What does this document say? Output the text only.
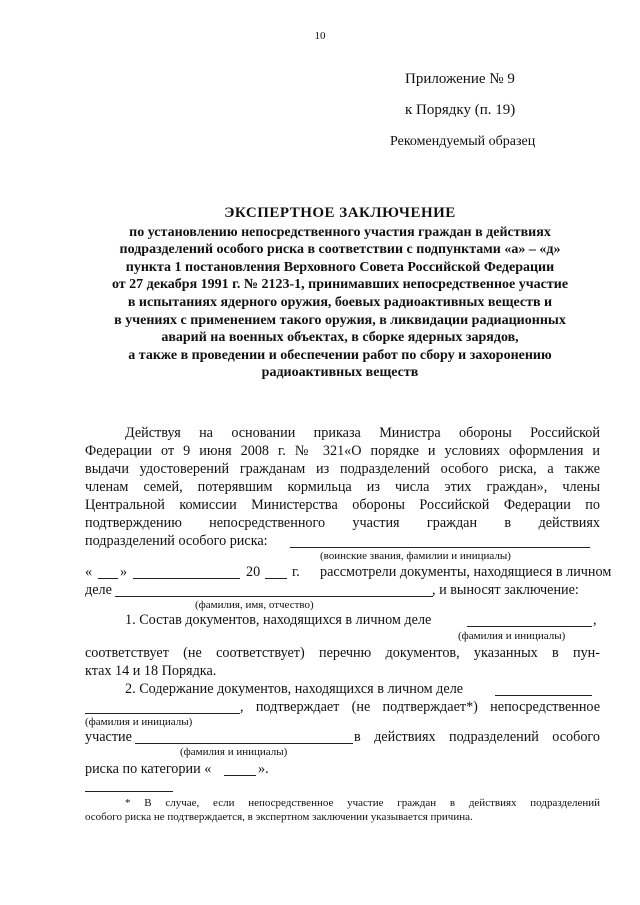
10
Приложение № 9
к Порядку (п. 19)
Рекомендуемый образец
ЭКСПЕРТНОЕ ЗАКЛЮЧЕНИЕ
по установлению непосредственного участия граждан в действиях
подразделений особого риска в соответствии с подпунктами «а» – «д»
пункта 1 постановления Верховного Совета Российской Федерации
от 27 декабря 1991 г. № 2123-1, принимавших непосредственное участие
в испытаниях ядерного оружия, боевых радиоактивных веществ и
в учениях с применением такого оружия, в ликвидации радиационных
аварий на военных объектах, в сборке ядерных зарядов,
а также в проведении и обеспечении работ по сбору и захоронению
радиоактивных веществ
Действуя на основании приказа Министра обороны Российской
Федерации от 9 июня 2008 г. № 321«О порядке и условиях оформления и
выдачи удостоверений гражданам из подразделений особого риска, а также
членам семей, потерявшим кормильца из числа этих граждан», члены
Центральной комиссии Министерства обороны Российской Федерации по
подтверждению непосредственного участия граждан в действиях
подразделений особого риска:
(воинские звания, фамилии и инициалы)
« »	20 г. рассмотрели документы, находящиеся в личном
деле	, и выносят заключение:
(фамилия, имя, отчество)
1. Состав документов, находящихся в личном деле	,
(фамилия и инициалы)
соответствует (не соответствует) перечню документов, указанных в пун-
ктах 14 и 18 Порядка.
2. Содержание документов, находящихся в личном деле
, подтверждает (не подтверждает*) непосредственное
(фамилия и инициалы)
участие	в действиях подразделений особого
(фамилия и инициалы)
риска по категории «	».
* В случае, если непосредственное участие граждан в действиях подразделений
особого риска не подтверждается, в экспертном заключении указывается причина.
